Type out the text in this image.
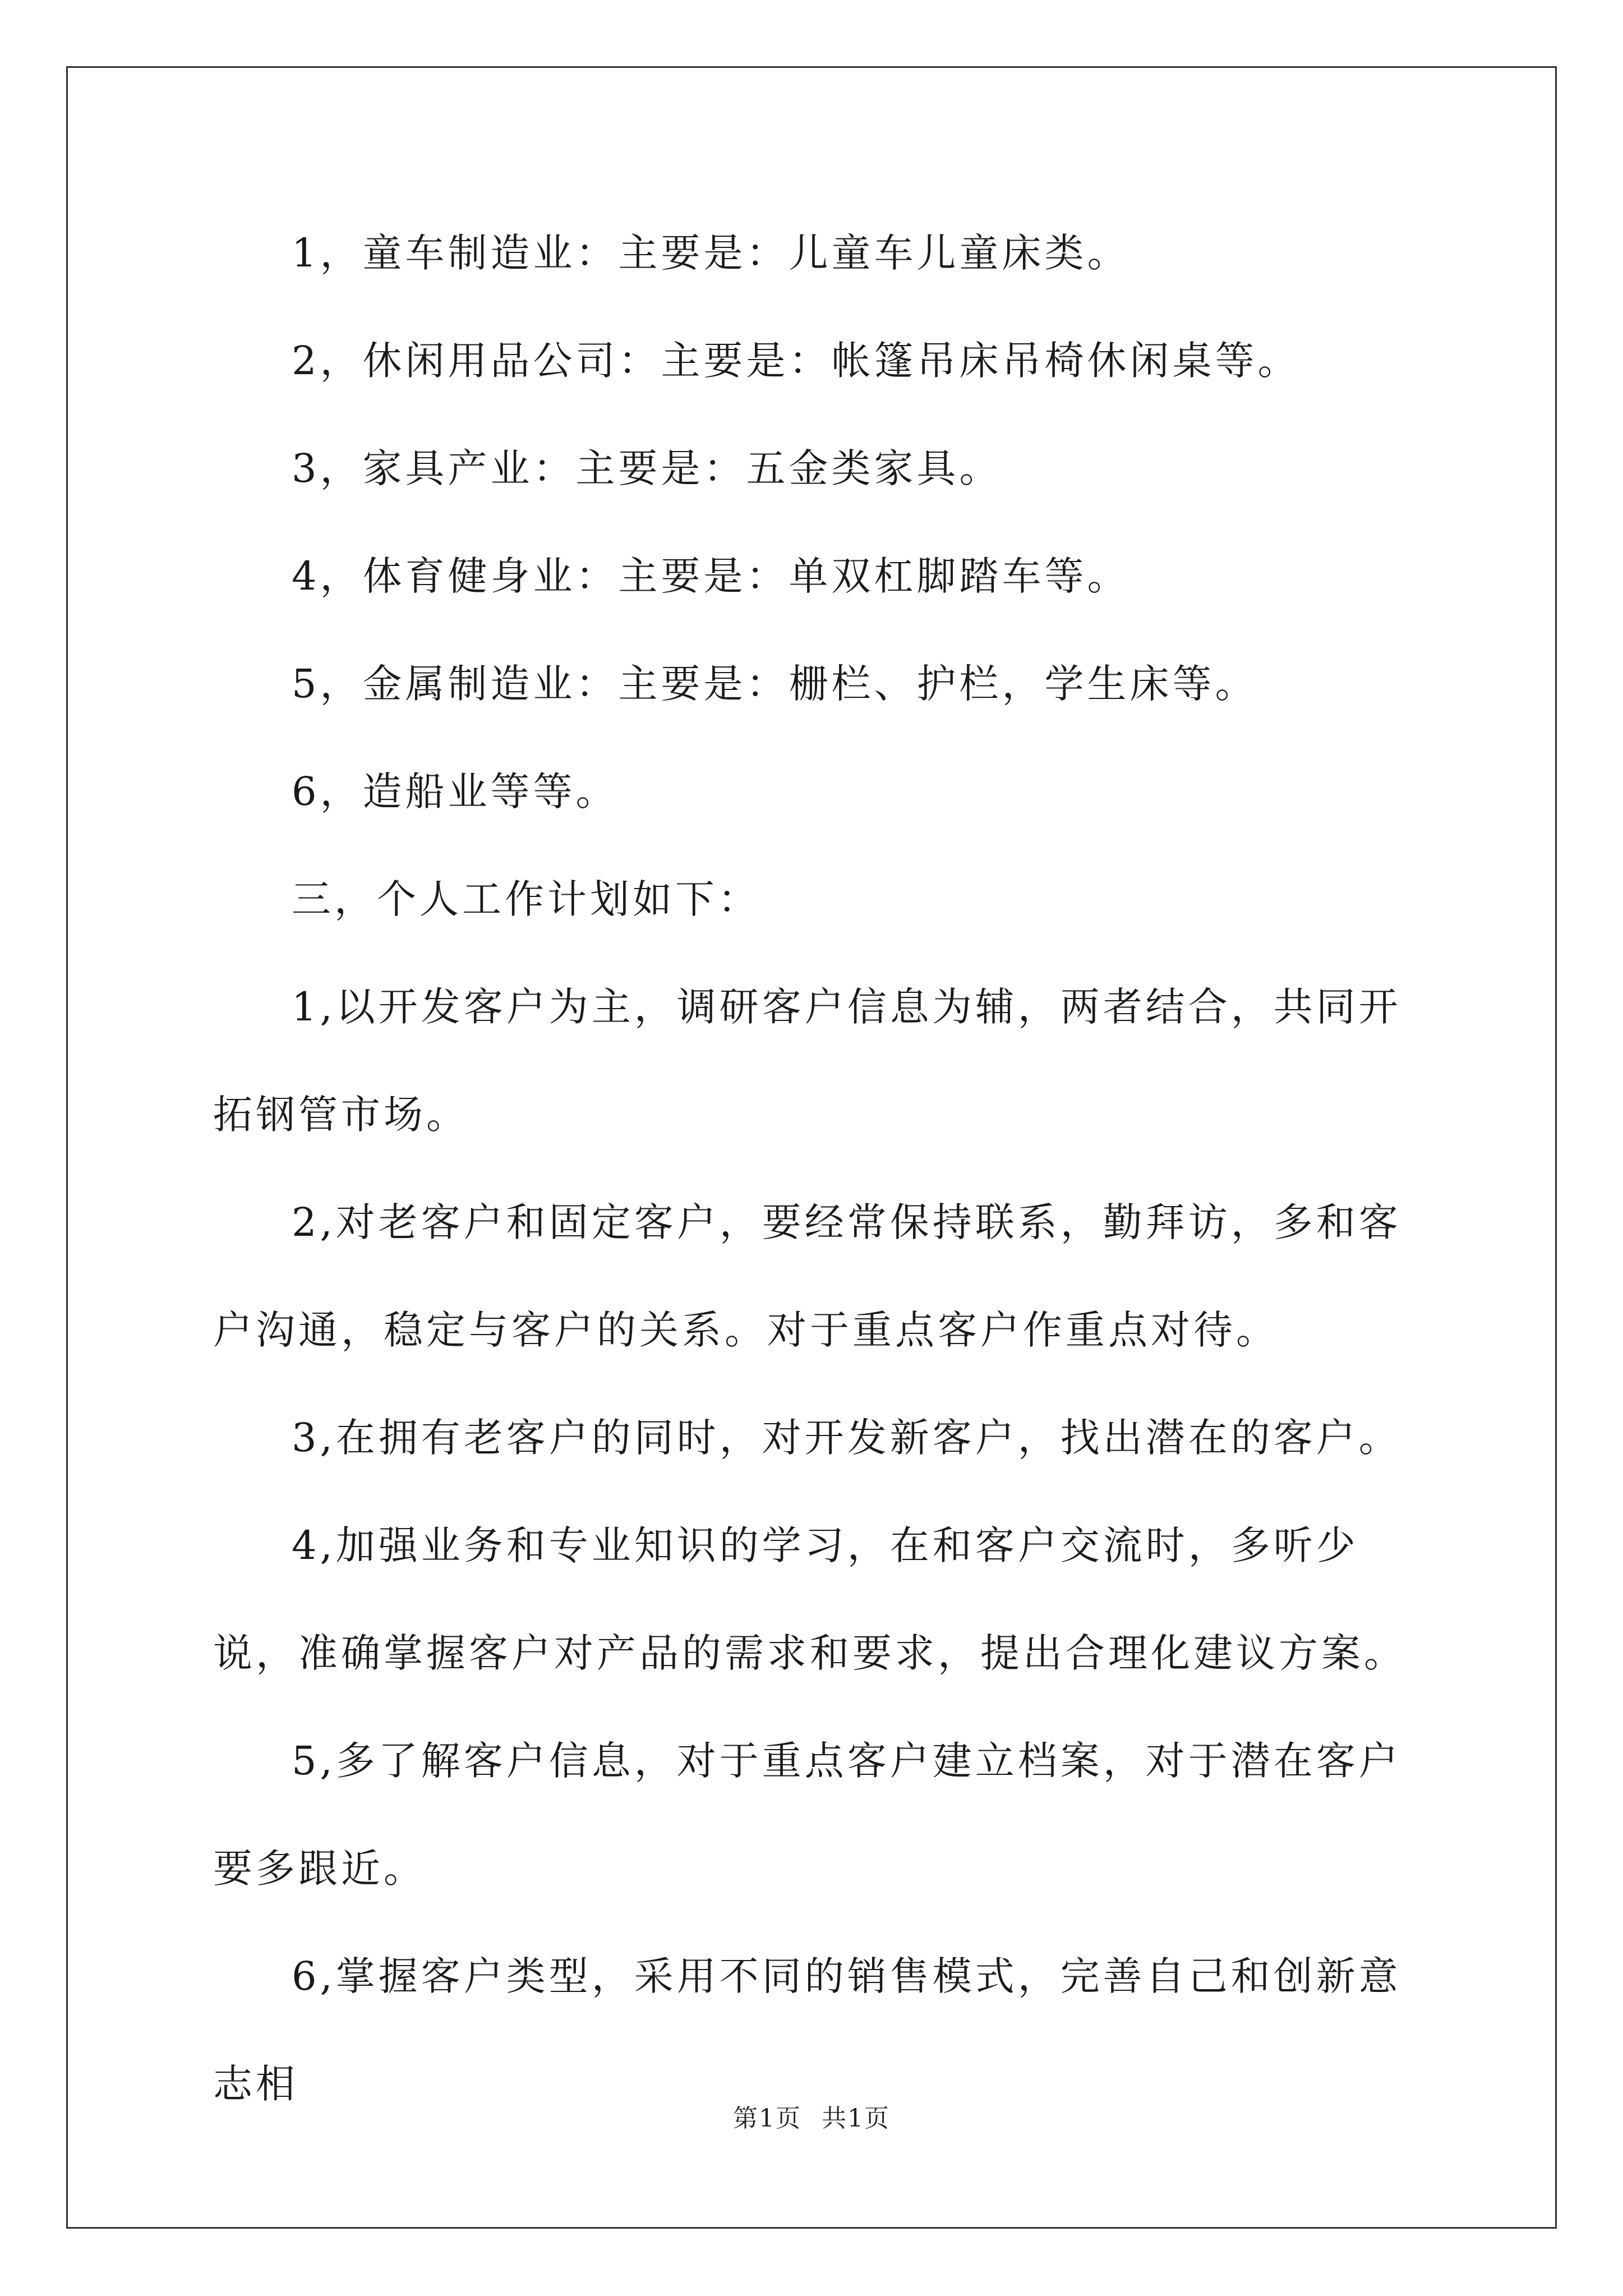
1，童车制造业：主要是：儿童车儿童床类。

2，休闲用品公司：主要是：帐篷吊床吊椅休闲桌等。

3，家具产业：主要是：五金类家具。

4，体育健身业：主要是：单双杠脚踏车等。

5，金属制造业：主要是：栅栏、护栏，学生床等。

6，造船业等等。

三，个人工作计划如下：

1,以开发客户为主，调研客户信息为辅，两者结合，共同开拓钢管市场。

2,对老客户和固定客户，要经常保持联系，勤拜访，多和客户沟通，稳定与客户的关系。对于重点客户作重点对待。

3,在拥有老客户的同时，对开发新客户，找出潜在的客户。

4,加强业务和专业知识的学习，在和客户交流时，多听少说，准确掌握客户对产品的需求和要求，提出合理化建议方案。

5,多了解客户信息，对于重点客户建立档案，对于潜在客户要多跟近。

6,掌握客户类型，采用不同的销售模式，完善自己和创新意志相

第1页 共1页
